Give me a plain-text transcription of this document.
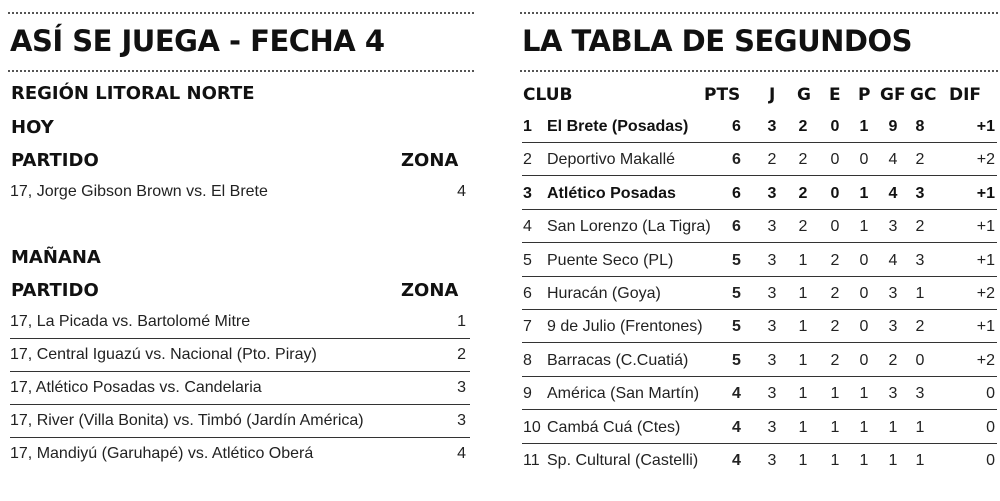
ASÍ SE JUEGA - FECHA 4
REGIÓN LITORAL NORTE
HOY
PARTIDO	ZONA
17, Jorge Gibson Brown vs. El Brete	4
MAÑANA
PARTIDO	ZONA
17, La Picada vs. Bartolomé Mitre	1
17, Central Iguazú vs. Nacional (Pto. Piray)	2
17, Atlético Posadas vs. Candelaria	3
17, River (Villa Bonita) vs. Timbó (Jardín América)	3
17, Mandiyú (Garuhapé) vs. Atlético Oberá	4
LA TABLA DE SEGUNDOS
CLUB	PTS J G E P GF GC DIF
1 El Brete (Posadas)	6 3 2 0 1 9 8	+1
2 Deportivo Makallé	6 2 2 0 0 4 2	+2
3 Atlético Posadas	6 3 2 0 1 4 3	+1
4 San Lorenzo (La Tigra) 6 3 2 0 1 3 2	+1
5 Puente Seco (PL)	5 3 1 2 0 4 3	+1
6 Huracán (Goya)	5 3 1 2 0 3 1	+2
7 9 de Julio (Frentones) 5 3 1 2 0 3 2	+1
8 Barracas (C.Cuatiá)	5 3 1 2 0 2 0	+2
9 América (San Martín) 4 3 1 1 1 3 3	0
10 Cambá Cuá (Ctes)	4 3 1 1 1 1 1	0
11 Sp. Cultural (Castelli) 4 3 1 1 1 1 1	0
